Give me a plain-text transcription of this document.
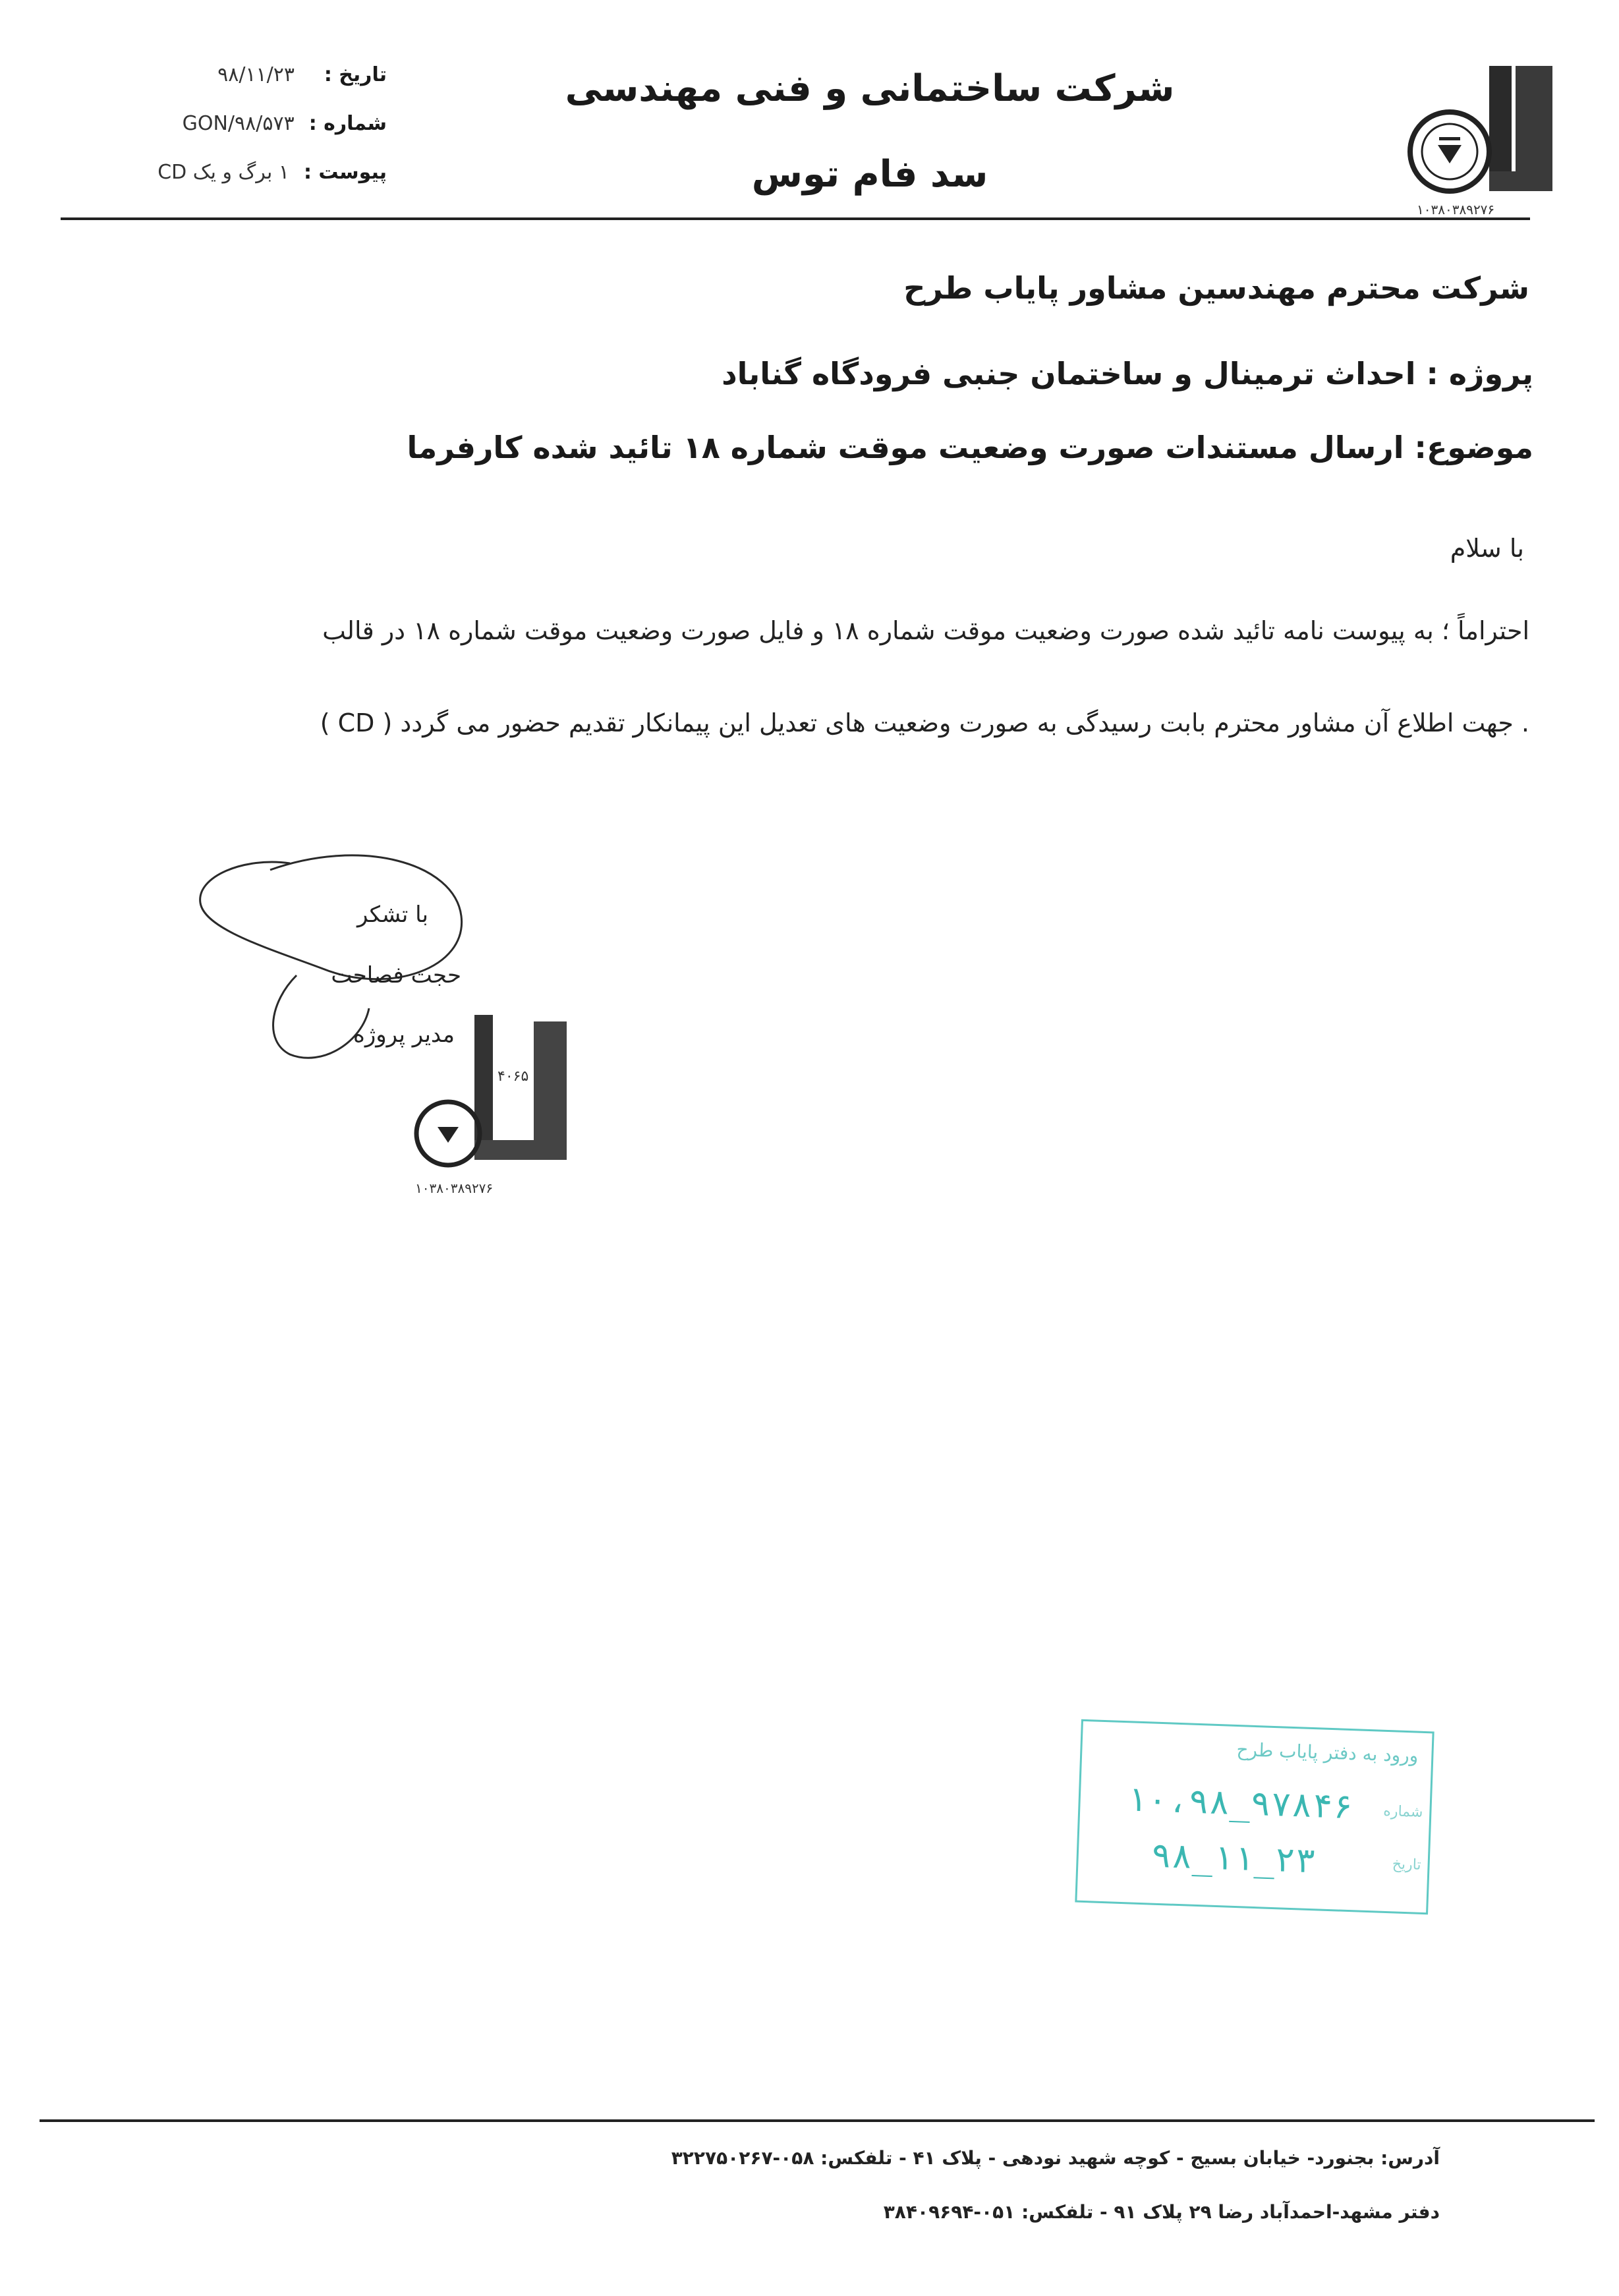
شرکت ساختمانی و فنی مهندسی
سد فام توس
۱۰۳۸۰۳۸۹۲۷۶
تاریخ :
۹۸/۱۱/۲۳
شماره :
GON/۹۸/۵۷۳
پیوست :
۱ برگ و یک CD
شرکت محترم مهندسین مشاور پایاب طرح
پروژه : احداث ترمینال و ساختمان جنبی فرودگاه گناباد
موضوع: ارسال مستندات صورت وضعیت موقت شماره ۱۸ تائید شده کارفرما
با سلام
احتراماً ؛ به پیوست نامه تائید شده صورت وضعیت موقت شماره ۱۸ و فایل صورت وضعیت موقت شماره ۱۸ در قالب
( CD ) جهت اطلاع آن مشاور محترم بابت رسیدگی به صورت وضعیت های تعدیل این پیمانکار تقدیم حضور می گردد .
با تشکر
حجت فصاحت
مدیر پروژه
۴۰۶۵
۱۰۳۸۰۳۸۹۲۷۶
ورود به دفتر پایاب طرح
شماره
۱۰،۹۸_۹۷۸۴۶
تاریخ
۹۸_۱۱_۲۳
آدرس: بجنورد- خیابان بسیج - کوچه شهید نودهی - پلاک ۴۱ - تلفکس: ۰۵۸-۳۲۲۷۵۰۲۶۷
دفتر مشهد-احمدآباد رضا ۲۹ پلاک ۹۱ - تلفکس: ۰۵۱-۳۸۴۰۹۶۹۴
